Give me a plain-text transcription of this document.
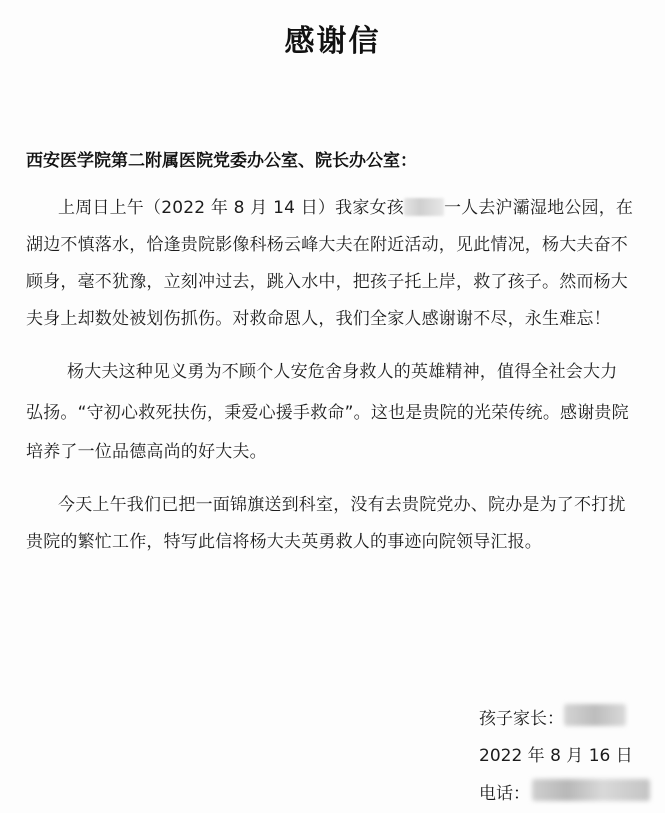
感谢信
西安医学院第二附属医院党委办公室、院长办公室：
上周日上午（2022 年 8 月 14 日）我家女孩 一人去沪灞湿地公园，在
湖边不慎落水，恰逢贵院影像科杨云峰大夫在附近活动，见此情况，杨大夫奋不
顾身，毫不犹豫，立刻冲过去，跳入水中，把孩子托上岸，救了孩子。然而杨大
夫身上却数处被划伤抓伤。对救命恩人，我们全家人感谢谢不尽，永生难忘！
杨大夫这种见义勇为不顾个人安危舍身救人的英雄精神，值得全社会大力
弘扬。“守初心救死扶伤，秉爱心援手救命”。这也是贵院的光荣传统。感谢贵院
培养了一位品德高尚的好大夫。
今天上午我们已把一面锦旗送到科室，没有去贵院党办、院办是为了不打扰
贵院的繁忙工作，特写此信将杨大夫英勇救人的事迹向院领导汇报。
孩子家长：
2022 年 8 月 16 日
电话：
